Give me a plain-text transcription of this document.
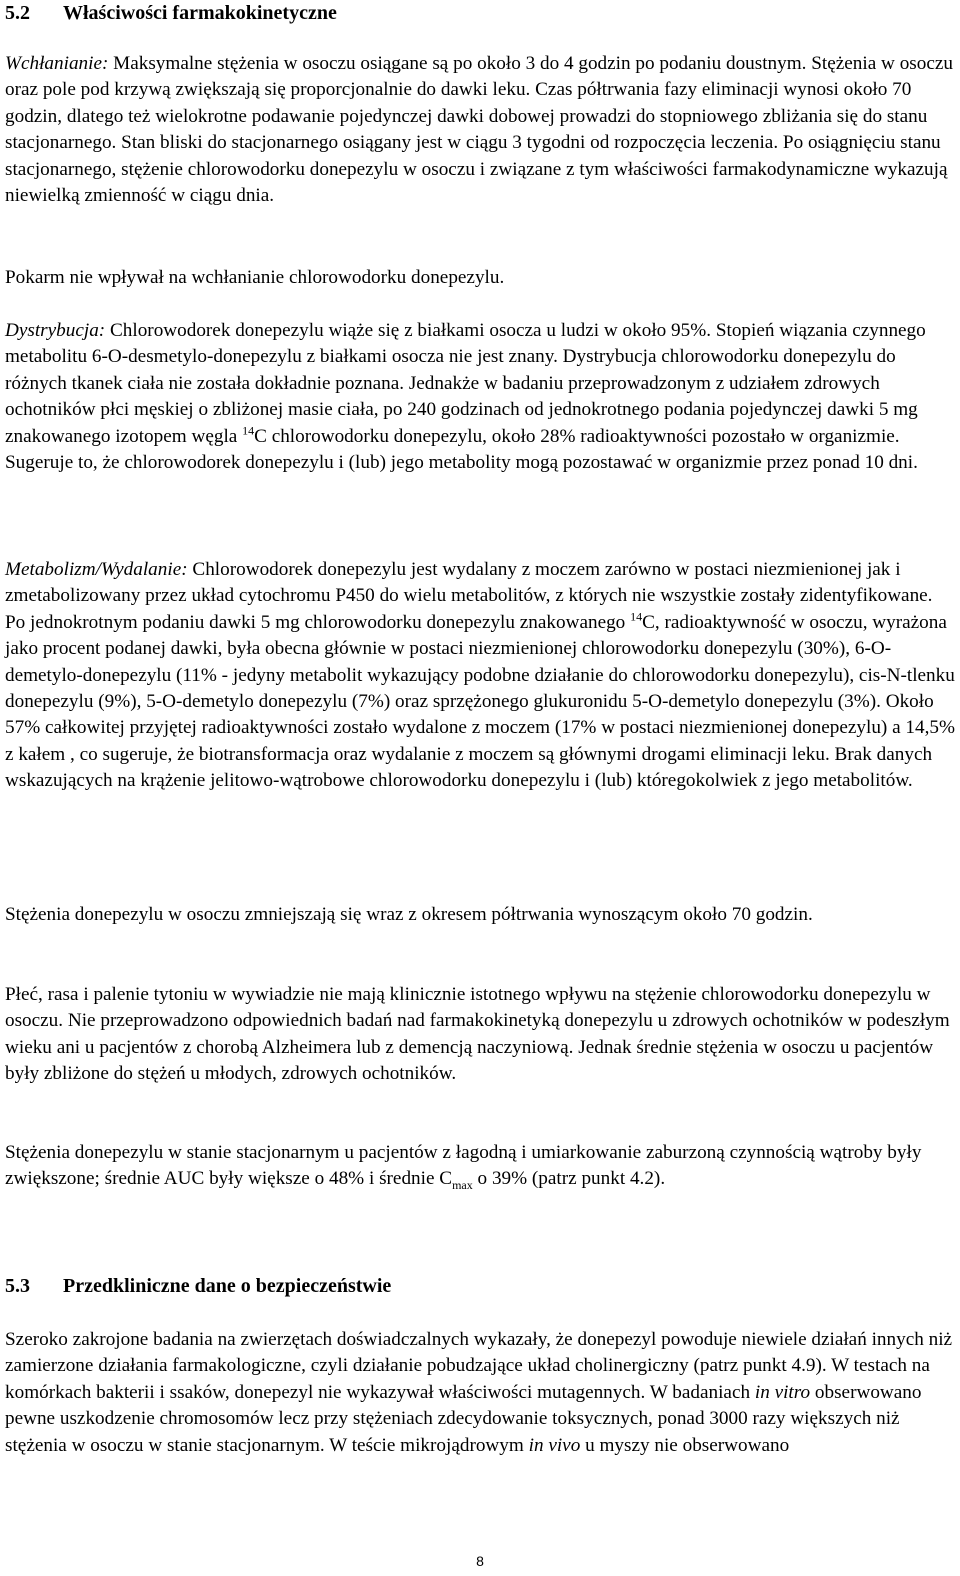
5.2	Właściwości farmakokinetyczne

Wchłanianie: Maksymalne stężenia w osoczu osiągane są po około 3 do 4 godzin po podaniu doustnym. Stężenia w osoczu oraz pole pod krzywą zwiększają się proporcjonalnie do dawki leku. Czas półtrwania fazy eliminacji wynosi około 70 godzin, dlatego też wielokrotne podawanie pojedynczej dawki dobowej prowadzi do stopniowego zbliżania się do stanu stacjonarnego. Stan bliski do stacjonarnego osiągany jest w ciągu 3 tygodni od rozpoczęcia leczenia. Po osiągnięciu stanu stacjonarnego, stężenie chlorowodorku donepezylu w osoczu i związane z tym właściwości farmakodynamiczne wykazują niewielką zmienność w ciągu dnia.

Pokarm nie wpływał na wchłanianie chlorowodorku donepezylu.

Dystrybucja: Chlorowodorek donepezylu wiąże się z białkami osocza u ludzi w około 95%. Stopień wiązania czynnego metabolitu 6-O-desmetylo-donepezylu z białkami osocza nie jest znany. Dystrybucja chlorowodorku donepezylu do różnych tkanek ciała nie została dokładnie poznana. Jednakże w badaniu przeprowadzonym z udziałem zdrowych ochotników płci męskiej o zbliżonej masie ciała, po 240 godzinach od jednokrotnego podania pojedynczej dawki 5 mg znakowanego izotopem węgla $^{14}$C chlorowodorku donepezylu, około 28% radioaktywności pozostało w organizmie. Sugeruje to, że chlorowodorek donepezylu i (lub) jego metabolity mogą pozostawać w organizmie przez ponad 10 dni.

Metabolizm/Wydalanie: Chlorowodorek donepezylu jest wydalany z moczem zarówno w postaci niezmienionej jak i zmetabolizowany przez układ cytochromu P450 do wielu metabolitów, z których nie wszystkie zostały zidentyfikowane. Po jednokrotnym podaniu dawki 5 mg chlorowodorku donepezylu znakowanego $^{14}$C, radioaktywność w osoczu, wyrażona jako procent podanej dawki, była obecna głównie w postaci niezmienionej chlorowodorku donepezylu (30%), 6-O-demetylo-donepezylu (11% - jedyny metabolit wykazujący podobne działanie do chlorowodorku donepezylu), cis-N-tlenku donepezylu (9%), 5-O-demetylo donepezylu (7%) oraz sprzężonego glukuronidu 5-O-demetylo donepezylu (3%). Około 57% całkowitej przyjętej radioaktywności zostało wydalone z moczem (17% w postaci niezmienionej donepezylu) a 14,5% z kałem , co sugeruje, że biotransformacja oraz wydalanie z moczem są głównymi drogami eliminacji leku. Brak danych wskazujących na krążenie jelitowo-wątrobowe chlorowodorku donepezylu i (lub) któregokolwiek z jego metabolitów.

Stężenia donepezylu w osoczu zmniejszają się wraz z okresem półtrwania wynoszącym około 70 godzin.

Płeć, rasa i palenie tytoniu w wywiadzie nie mają klinicznie istotnego wpływu na stężenie chlorowodorku donepezylu w osoczu. Nie przeprowadzono odpowiednich badań nad farmakokinetyką donepezylu u zdrowych ochotników w podeszłym wieku ani u pacjentów z chorobą Alzheimera lub z demencją naczyniową. Jednak średnie stężenia w osoczu u pacjentów były zbliżone do stężeń u młodych, zdrowych ochotników.

Stężenia donepezylu w stanie stacjonarnym u pacjentów z łagodną i umiarkowanie zaburzoną czynnością wątroby były zwiększone; średnie AUC były większe o 48% i średnie $C_{max}$ o 39% (patrz punkt 4.2).

5.3	Przedkliniczne dane o bezpieczeństwie

Szeroko zakrojone badania na zwierzętach doświadczalnych wykazały, że donepezyl powoduje niewiele działań innych niż zamierzone działania farmakologiczne, czyli działanie pobudzające układ cholinergiczny (patrz punkt 4.9). W testach na komórkach bakterii i ssaków, donepezyl nie wykazywał właściwości mutagennych. W badaniach in vitro obserwowano pewne uszkodzenie chromosomów lecz przy stężeniach zdecydowanie toksycznych, ponad 3000 razy większych niż stężenia w osoczu w stanie stacjonarnym. W teście mikrojądrowym in vivo u myszy nie obserwowano

8
